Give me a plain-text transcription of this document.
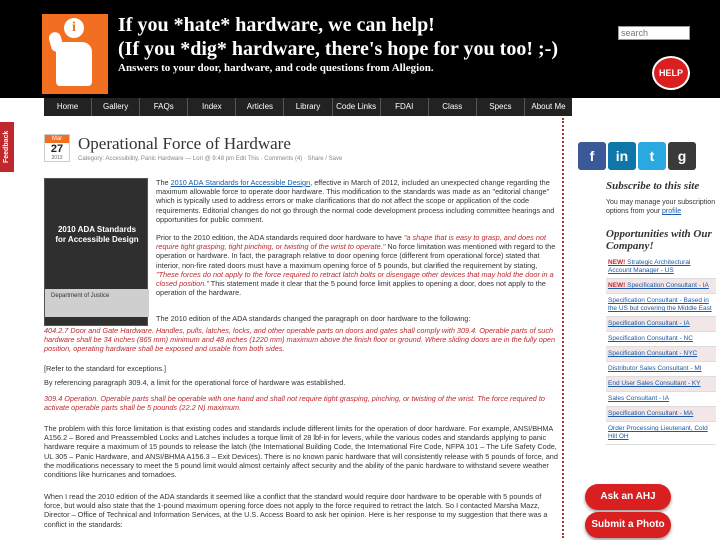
i	If you *hate* hardware, we can help!
(If you *dig* hardware, there's hope for you too! ;-)
Answers to your door, hardware, and code questions from Allegion.
search
⚲
HELP
Home	Gallery	FAQs	Index	Articles	Library	Code Links	FDAI	Class	Specs	About Me
Feedback	Mar
27
2013
Operational Force of Hardware
Category: Accessibility, Panic Hardware — Lori @ 9:48 pm Edit This · Comments (4) · Share / Save
2010 ADA Standards for Accessible Design
Department of Justice
The 2010 ADA Standards for Accessible Design, effective in March of 2012, included an unexpected change regarding the maximum allowable force to operate door hardware. This modification to the standards was made as an "editorial change" which is typically used to address errors or make clarifications that do not affect the scope or application of the code requirements. Editorial changes do not go through the normal code development process including committee hearings and opportunities for public comment.
Prior to the 2010 edition, the ADA standards required door hardware to have "a shape that is easy to grasp, and does not require tight grasping, tight pinching, or twisting of the wrist to operate." No force limitation was mentioned with regard to the operation or hardware. In fact, the paragraph relative to door opening force (different from operational force) stated that interior, non-fire rated doors must have a maximum opening force of 5 pounds, but clarified the requirement by stating, "These forces do not apply to the force required to retract latch bolts or disengage other devices that may hold the door in a closed position." This statement made it clear that the 5 pound force limit applies to opening a door, does not apply to the operation of the hardware.
The 2010 edition of the ADA standards changed the paragraph on door hardware to the following:
404.2.7 Door and Gate Hardware. Handles, pulls, latches, locks, and other operable parts on doors and gates shall comply with 309.4. Operable parts of such hardware shall be 34 inches (865 mm) minimum and 48 inches (1220 mm) maximum above the finish floor or ground. Where sliding doors are in the fully open position, operating hardware shall be exposed and usable from both sides.
[Refer to the standard for exceptions.]
By referencing paragraph 309.4, a limit for the operational force of hardware was established.
309.4 Operation. Operable parts shall be operable with one hand and shall not require tight grasping, pinching, or twisting of the wrist. The force required to activate operable parts shall be 5 pounds (22.2 N) maximum.
The problem with this force limitation is that existing codes and standards include different limits for the operation of door hardware. For example, ANSI/BHMA A156.2 – Bored and Preassembled Locks and Latches includes a torque limit of 28 lbf-in for levers, while the various codes and standards applying to panic hardware require a maximum of 15 pounds to release the latch (the International Building Code, the International Fire Code, NFPA 101 – The Life Safety Code, UL 305 – Panic Hardware, and ANSI/BHMA A156.3 – Exit Devices). There is no known panic hardware that will consistently release with 5 pounds of force, and the modifications necessary to meet the 5 pound limit would almost certainly affect security and the ability of the panic hardware to withstand severe weather conditions like hurricanes and tornadoes.
When I read the 2010 edition of the ADA standards it seemed like a conflict that the standard would require door hardware to be operable with 5 pounds of force, but would also state that the 1-pound maximum opening force does not apply to the force required to retract the latch. So I contacted Marsha Mazz, Director – Office of Technical and Information Services, at the U.S. Access Board to ask her opinion. Here is her response to my suggestion that there was a conflict in the standards:
f	in	t	g
Subscribe to this site
You may manage your subscription options from your profile
Opportunities with Our Company!
NEW! Strategic Architectural Account Manager - US
NEW! Specification Consultant - IA
Specification Consultant - Based in the US but covering the Middle East
Specification Consultant - IA
Specification Consultant - NC
Specification Consultant - NYC
Distributor Sales Consultant - MI
End User Sales Consultant - KY
Sales Consultant - IA
Specification Consultant - MA
Order Processing Lieutenant, Cold Hill OH
Ask an AHJ
Submit a Photo
